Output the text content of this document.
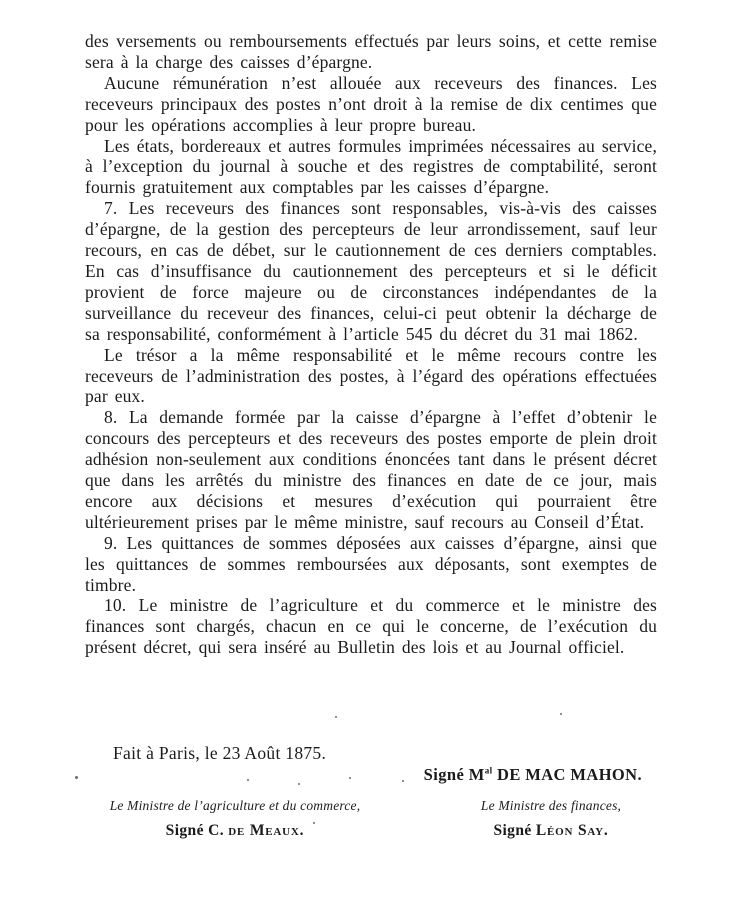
des versements ou remboursements effectués par leurs soins, et cette remise sera à la charge des caisses d’épargne.

Aucune rémunération n’est allouée aux receveurs des finances. Les receveurs principaux des postes n’ont droit à la remise de dix centimes que pour les opérations accomplies à leur propre bureau.

Les états, bordereaux et autres formules imprimées nécessaires au service, à l’exception du journal à souche et des registres de comptabilité, seront fournis gratuitement aux comptables par les caisses d’épargne.

7. Les receveurs des finances sont responsables, vis-à-vis des caisses d’épargne, de la gestion des percepteurs de leur arrondissement, sauf leur recours, en cas de débet, sur le cautionnement de ces derniers comptables. En cas d’insuffisance du cautionnement des percepteurs et si le déficit provient de force majeure ou de circonstances indépendantes de la surveillance du receveur des finances, celui-ci peut obtenir la décharge de sa responsabilité, conformément à l’article 545 du décret du 31 mai 1862.

Le trésor a la même responsabilité et le même recours contre les receveurs de l’administration des postes, à l’égard des opérations effectuées par eux.

8. La demande formée par la caisse d’épargne à l’effet d’obtenir le concours des percepteurs et des receveurs des postes emporte de plein droit adhésion non-seulement aux conditions énoncées tant dans le présent décret que dans les arrêtés du ministre des finances en date de ce jour, mais encore aux décisions et mesures d’exécution qui pourraient être ultérieurement prises par le même ministre, sauf recours au Conseil d’État.

9. Les quittances de sommes déposées aux caisses d’épargne, ainsi que les quittances de sommes remboursées aux déposants, sont exemptes de timbre.

10. Le ministre de l’agriculture et du commerce et le ministre des finances sont chargés, chacun en ce qui le concerne, de l’exécution du présent décret, qui sera inséré au Bulletin des lois et au Journal officiel.

Fait à Paris, le 23 Août 1875.

Signé $M^{al}$ DE MAC MAHON.
Le Ministre de l’agriculture et du commerce,
Signé C. de Meaux.
Le Ministre des finances,
Signé Léon Say.
